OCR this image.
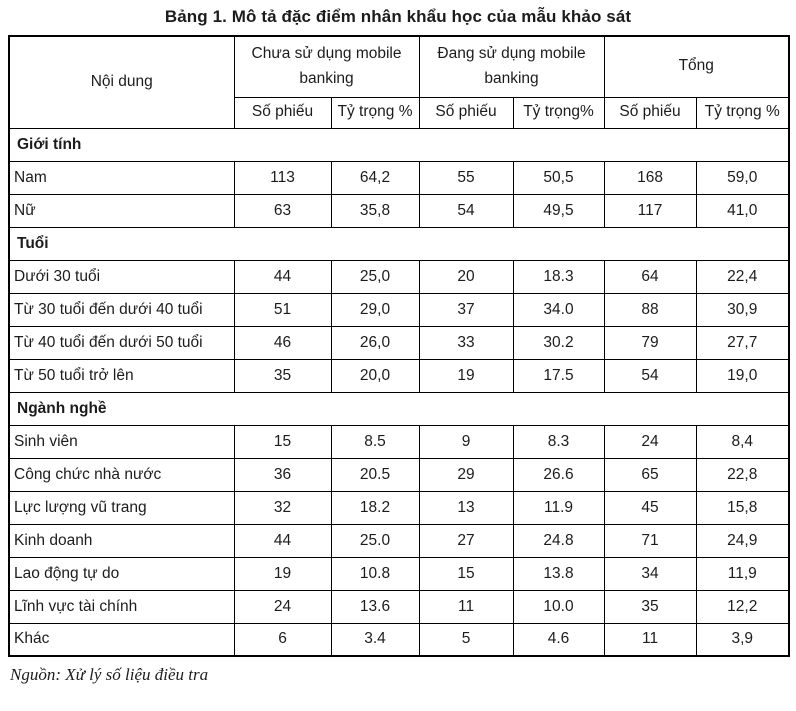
Bảng 1. Mô tả đặc điểm nhân khẩu học của mẫu khảo sát
Nội dung	Chưa sử dụng mobile banking		Đang sử dụng mobile banking		Tổng	
	Số phiếu	Tỷ trọng %	Số phiếu	Tỷ trọng%	Số phiếu	Tỷ trọng %
Giới tính						
Nam	113	64,2	55	50,5	168	59,0
Nữ	63	35,8	54	49,5	117	41,0
Tuổi						
Dưới 30 tuổi	44	25,0	20	18.3	64	22,4
Từ 30 tuổi đến dưới 40 tuổi	51	29,0	37	34.0	88	30,9
Từ 40 tuổi đến dưới 50 tuổi	46	26,0	33	30.2	79	27,7
Từ 50 tuổi trở lên	35	20,0	19	17.5	54	19,0
Ngành nghề						
Sinh viên	15	8.5	9	8.3	24	8,4
Công chức nhà nước	36	20.5	29	26.6	65	22,8
Lực lượng vũ trang	32	18.2	13	11.9	45	15,8
Kinh doanh	44	25.0	27	24.8	71	24,9
Lao động tự do	19	10.8	15	13.8	34	11,9
Lĩnh vực tài chính	24	13.6	11	10.0	35	12,2
Khác	6	3.4	5	4.6	11	3,9
Nguồn: Xử lý số liệu điều tra
